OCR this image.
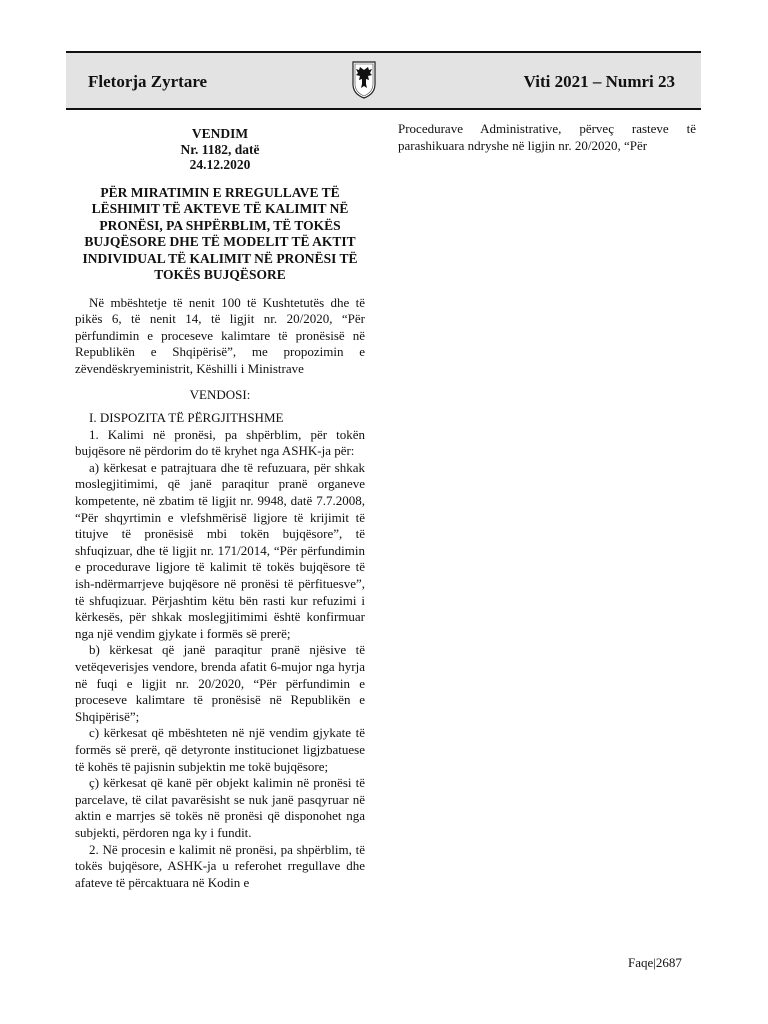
Fletorja Zyrtare	Viti 2021 – Numri 23
VENDIM
Nr. 1182, datë
24.12.2020
PËR MIRATIMIN E RREGULLAVE TË LËSHIMIT TË AKTEVE TË KALIMIT NË PRONËSI, PA SHPËRBLIM, TË TOKËS BUJQËSORE DHE TË MODELIT TË AKTIT INDIVIDUAL TË KALIMIT NË PRONËSI TË TOKËS BUJQËSORE

Në mbështetje të nenit 100 të Kushtetutës dhe të pikës 6, të nenit 14, të ligjit nr. 20/2020, “Për përfundimin e proceseve kalimtare të pronësisë në Republikën e Shqipërisë”, me propozimin e zëvendëskryeministrit, Këshilli i Ministrave

VENDOSI:

I. DISPOZITA TË PËRGJITHSHME

1. Kalimi në pronësi, pa shpërblim, për tokën bujqësore në përdorim do të kryhet nga ASHK-ja për:

a) kërkesat e patrajtuara dhe të refuzuara, për shkak moslegjitimimi, që janë paraqitur pranë organeve kompetente, në zbatim të ligjit nr. 9948, datë 7.7.2008, “Për shqyrtimin e vlefshmërisë ligjore të krijimit të titujve të pronësisë mbi tokën bujqësore”, të shfuqizuar, dhe të ligjit nr. 171/2014, “Për përfundimin e procedurave ligjore të kalimit të tokës bujqësore të ish-ndërmarrjeve bujqësore në pronësi të përfituesve”, të shfuqizuar. Përjashtim këtu bën rasti kur refuzimi i kërkesës, për shkak moslegjitimimi është konfirmuar nga një vendim gjykate i formës së prerë;

b) kërkesat që janë paraqitur pranë njësive të vetëqeverisjes vendore, brenda afatit 6-mujor nga hyrja në fuqi e ligjit nr. 20/2020, “Për përfundimin e proceseve kalimtare të pronësisë në Republikën e Shqipërisë”;

c) kërkesat që mbështeten në një vendim gjykate të formës së prerë, që detyronte institucionet ligjzbatuese të kohës të pajisnin subjektin me tokë bujqësore;

ç) kërkesat që kanë për objekt kalimin në pronësi të parcelave, të cilat pavarësisht se nuk janë pasqyruar në aktin e marrjes së tokës në pronësi që disponohet nga subjekti, përdoren nga ky i fundit.

2. Në procesin e kalimit në pronësi, pa shpërblim, të tokës bujqësore, ASHK-ja u referohet rregullave dhe afateve të përcaktuara në Kodin e

Procedurave Administrative, përveç rasteve të parashikuara ndryshe në ligjin nr. 20/2020, “Për

Faqe|2687
